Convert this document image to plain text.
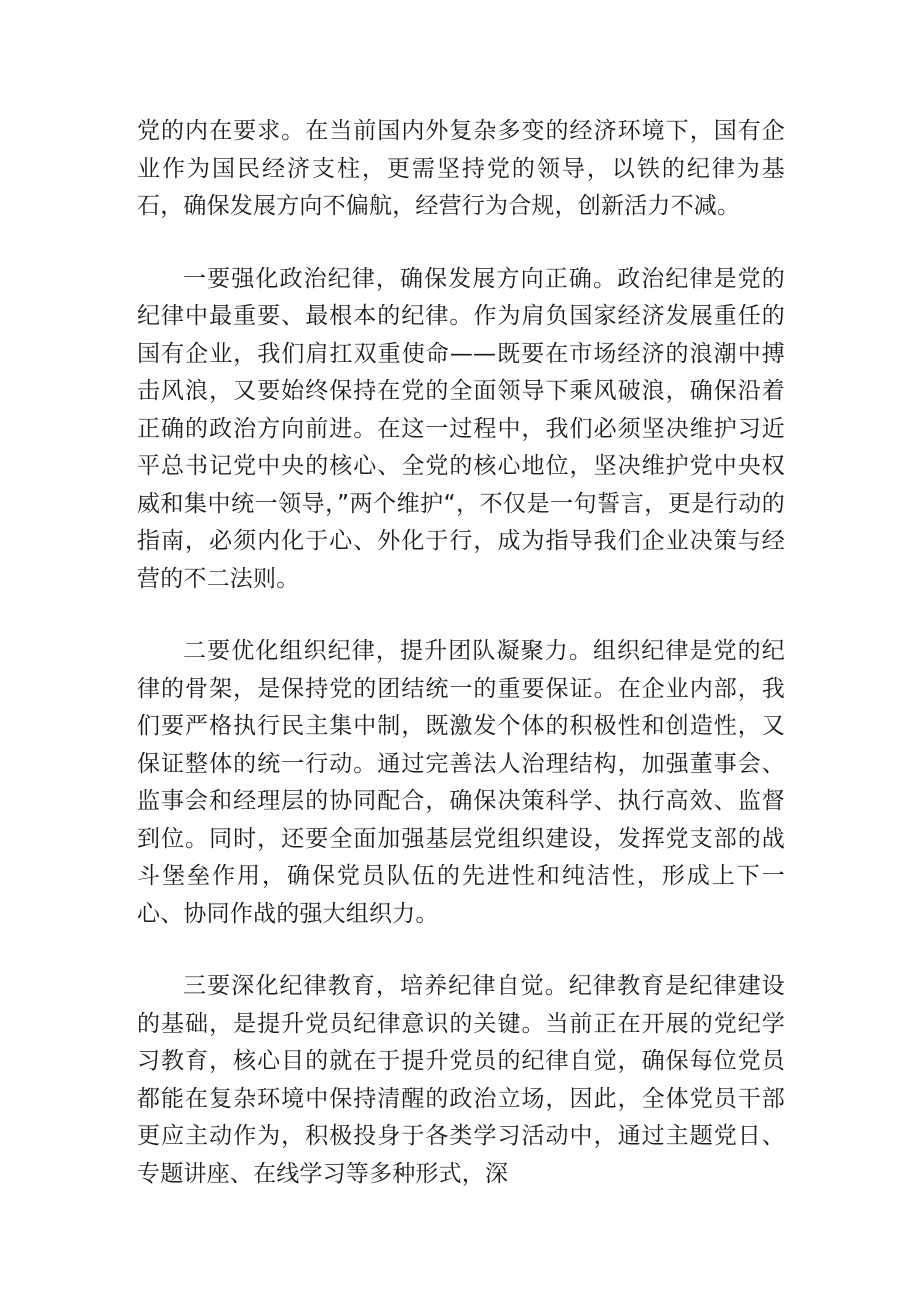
党的内在要求。在当前国内外复杂多变的经济环境下，国有企业作为国民经济支柱，更需坚持党的领导，以铁的纪律为基石，确保发展方向不偏航，经营行为合规，创新活力不减。

一要强化政治纪律，确保发展方向正确。政治纪律是党的纪律中最重要、最根本的纪律。作为肩负国家经济发展重任的国有企业，我们肩扛双重使命——既要在市场经济的浪潮中搏击风浪，又要始终保持在党的全面领导下乘风破浪，确保沿着正确的政治方向前进。在这一过程中，我们必须坚决维护习近平总书记党中央的核心、全党的核心地位，坚决维护党中央权威和集中统一领导，”两个维护“，不仅是一句誓言，更是行动的指南，必须内化于心、外化于行，成为指导我们企业决策与经营的不二法则。

二要优化组织纪律，提升团队凝聚力。组织纪律是党的纪律的骨架，是保持党的团结统一的重要保证。在企业内部，我们要严格执行民主集中制，既激发个体的积极性和创造性，又保证整体的统一行动。通过完善法人治理结构，加强董事会、监事会和经理层的协同配合，确保决策科学、执行高效、监督到位。同时，还要全面加强基层党组织建设，发挥党支部的战斗堡垒作用，确保党员队伍的先进性和纯洁性，形成上下一心、协同作战的强大组织力。

三要深化纪律教育，培养纪律自觉。纪律教育是纪律建设的基础，是提升党员纪律意识的关键。当前正在开展的党纪学习教育，核心目的就在于提升党员的纪律自觉，确保每位党员都能在复杂环境中保持清醒的政治立场，因此，全体党员干部更应主动作为，积极投身于各类学习活动中，通过主题党日、专题讲座、在线学习等多种形式，深
